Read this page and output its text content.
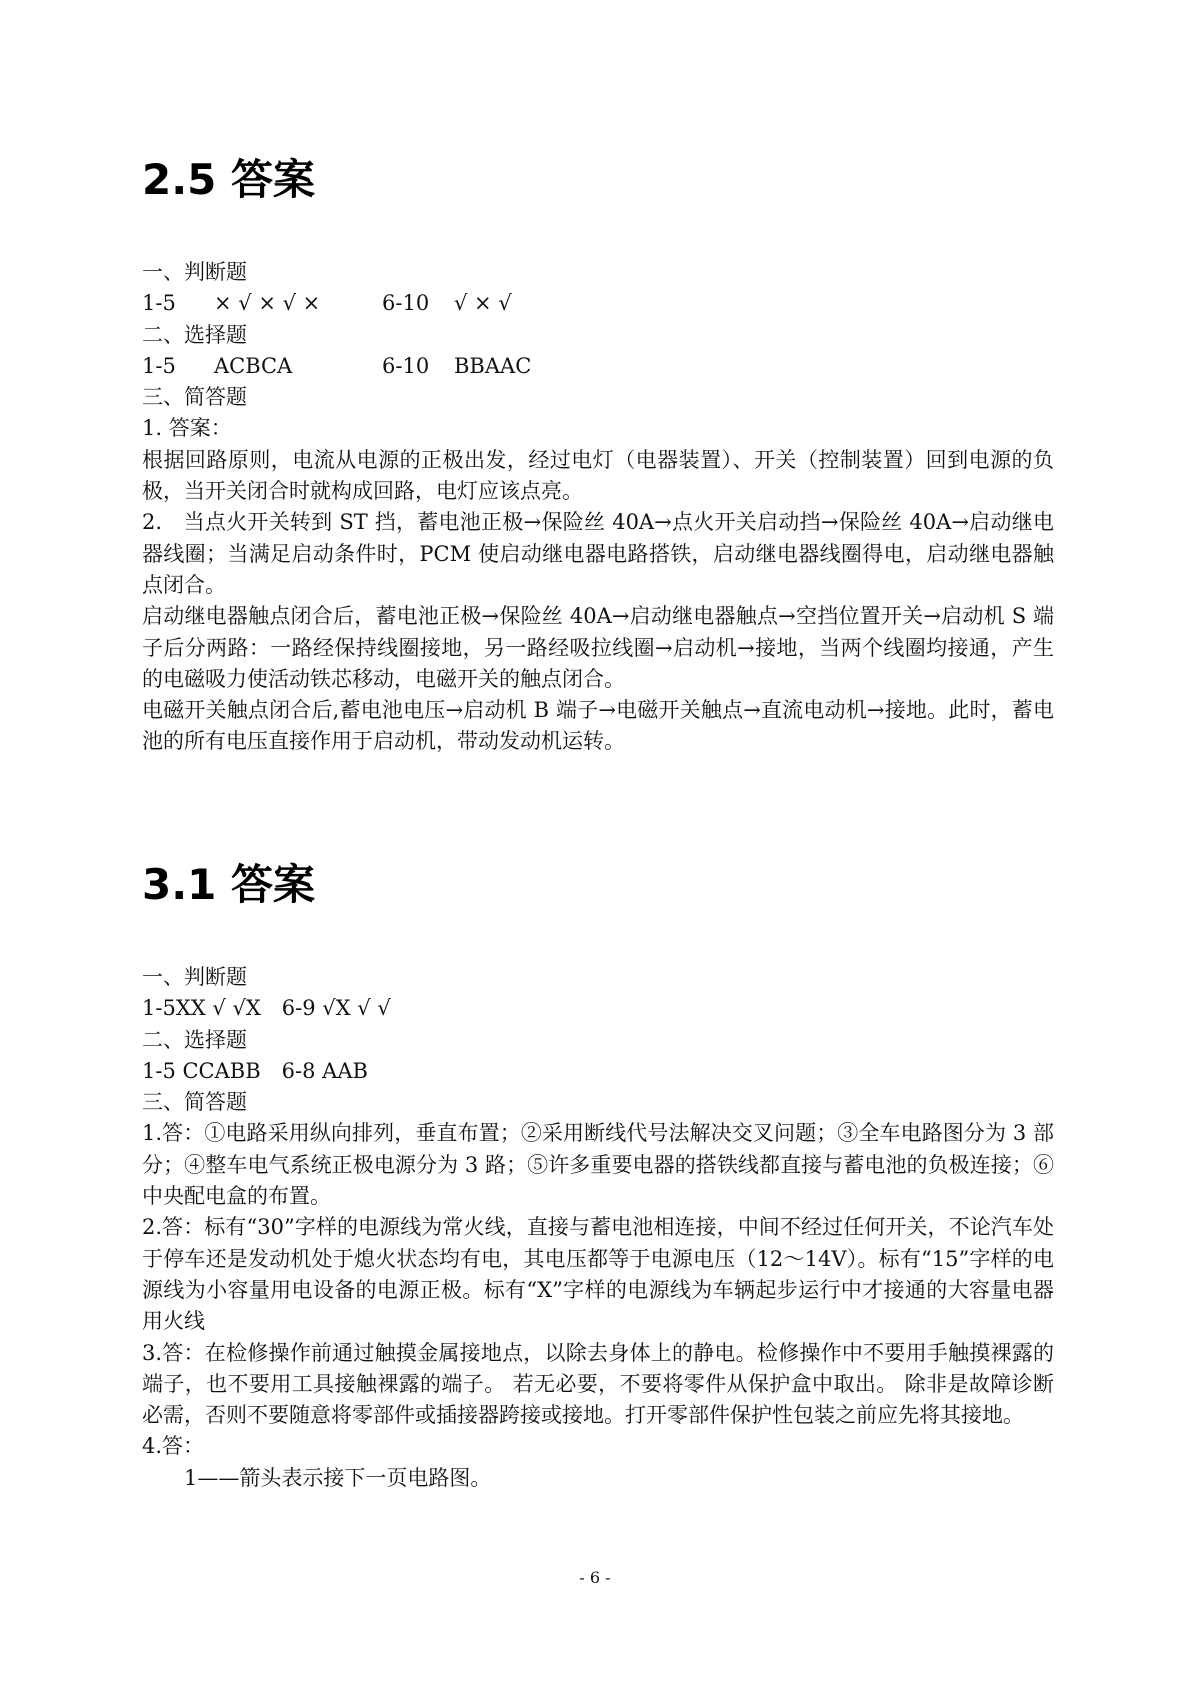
2.5 答案
一、判断题
1-5 × √ × √ ×	6-10 √ × √
二、选择题
1-5 ACBCA	6-10 BBAAC
三、简答题
1. 答案：

根据回路原则，电流从电源的正极出发，经过电灯（电器装置）、开关（控制装置）回到电源的负极，当开关闭合时就构成回路，电灯应该点亮。

2.　当点火开关转到 ST 挡，蓄电池正极→保险丝 40A→点火开关启动挡→保险丝 40A→启动继电器线圈；当满足启动条件时，PCM 使启动继电器电路搭铁，启动继电器线圈得电，启动继电器触点闭合。

启动继电器触点闭合后，蓄电池正极→保险丝 40A→启动继电器触点→空挡位置开关→启动机 S 端子后分两路：一路经保持线圈接地，另一路经吸拉线圈→启动机→接地，当两个线圈均接通，产生的电磁吸力使活动铁芯移动，电磁开关的触点闭合。

电磁开关触点闭合后,蓄电池电压→启动机 B 端子→电磁开关触点→直流电动机→接地。此时，蓄电池的所有电压直接作用于启动机，带动发动机运转。

3.1 答案
一、判断题
1-5XX √ √X　6-9 √X √ √
二、选择题
1-5 CCABB　6-8 AAB
三、简答题

1.答：①电路采用纵向排列，垂直布置；②采用断线代号法解决交叉问题；③全车电路图分为 3 部分；④整车电气系统正极电源分为 3 路；⑤许多重要电器的搭铁线都直接与蓄电池的负极连接；⑥中央配电盒的布置。

2.答：标有“30”字样的电源线为常火线，直接与蓄电池相连接，中间不经过任何开关，不论汽车处于停车还是发动机处于熄火状态均有电，其电压都等于电源电压（12～14V）。标有“15”字样的电源线为小容量用电设备的电源正极。标有“X”字样的电源线为车辆起步运行中才接通的大容量电器用火线

3.答：在检修操作前通过触摸金属接地点，以除去身体上的静电。检修操作中不要用手触摸裸露的端子，也不要用工具接触裸露的端子。 若无必要，不要将零件从保护盒中取出。 除非是故障诊断必需，否则不要随意将零部件或插接器跨接或接地。打开零部件保护性包装之前应先将其接地。

4.答：
1——箭头表示接下一页电路图。
- 6 -
